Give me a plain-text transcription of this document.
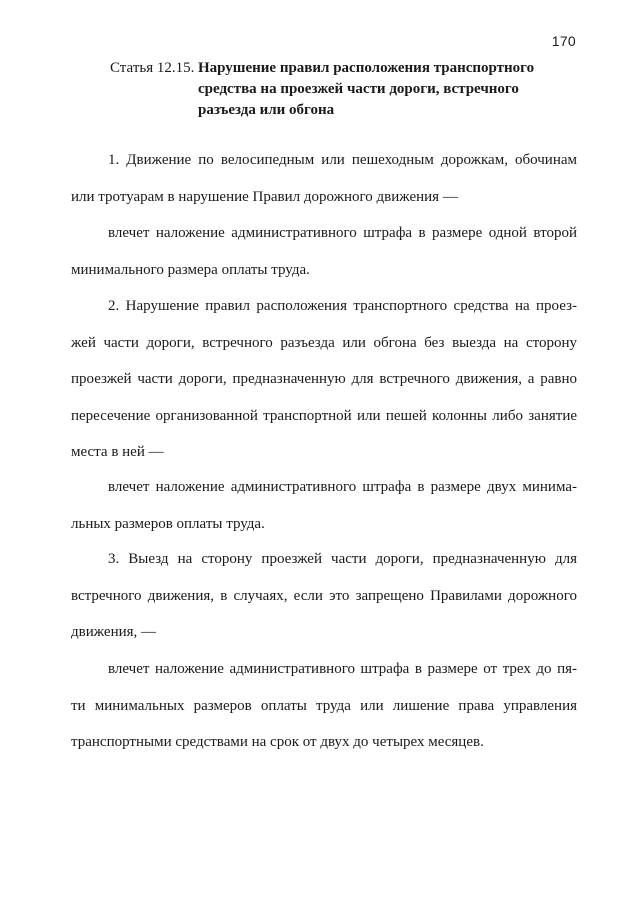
170
Статья 12.15. Нарушение правил расположения транспортного
средства на проезжей части дороги, встречного
разъезда или обгона
1. Движение по велосипедным или пешеходным дорожкам, обочинам
или тротуарам в нарушение Правил дорожного движения —
влечет наложение административного штрафа в размере одной второй
минимального размера оплаты труда.
2. Нарушение правил расположения транспортного средства на проез-
жей части дороги, встречного разъезда или обгона без выезда на сторону
проезжей части дороги, предназначенную для встречного движения, а равно
пересечение организованной транспортной или пешей колонны либо занятие
места в ней —
влечет наложение административного штрафа в размере двух минима-
льных размеров оплаты труда.
3. Выезд на сторону проезжей части дороги, предназначенную для
встречного движения, в случаях, если это запрещено Правилами дорожного
движения, —
влечет наложение административного штрафа в размере от трех до пя-
ти минимальных размеров оплаты труда или лишение права управления
транспортными средствами на срок от двух до четырех месяцев.
